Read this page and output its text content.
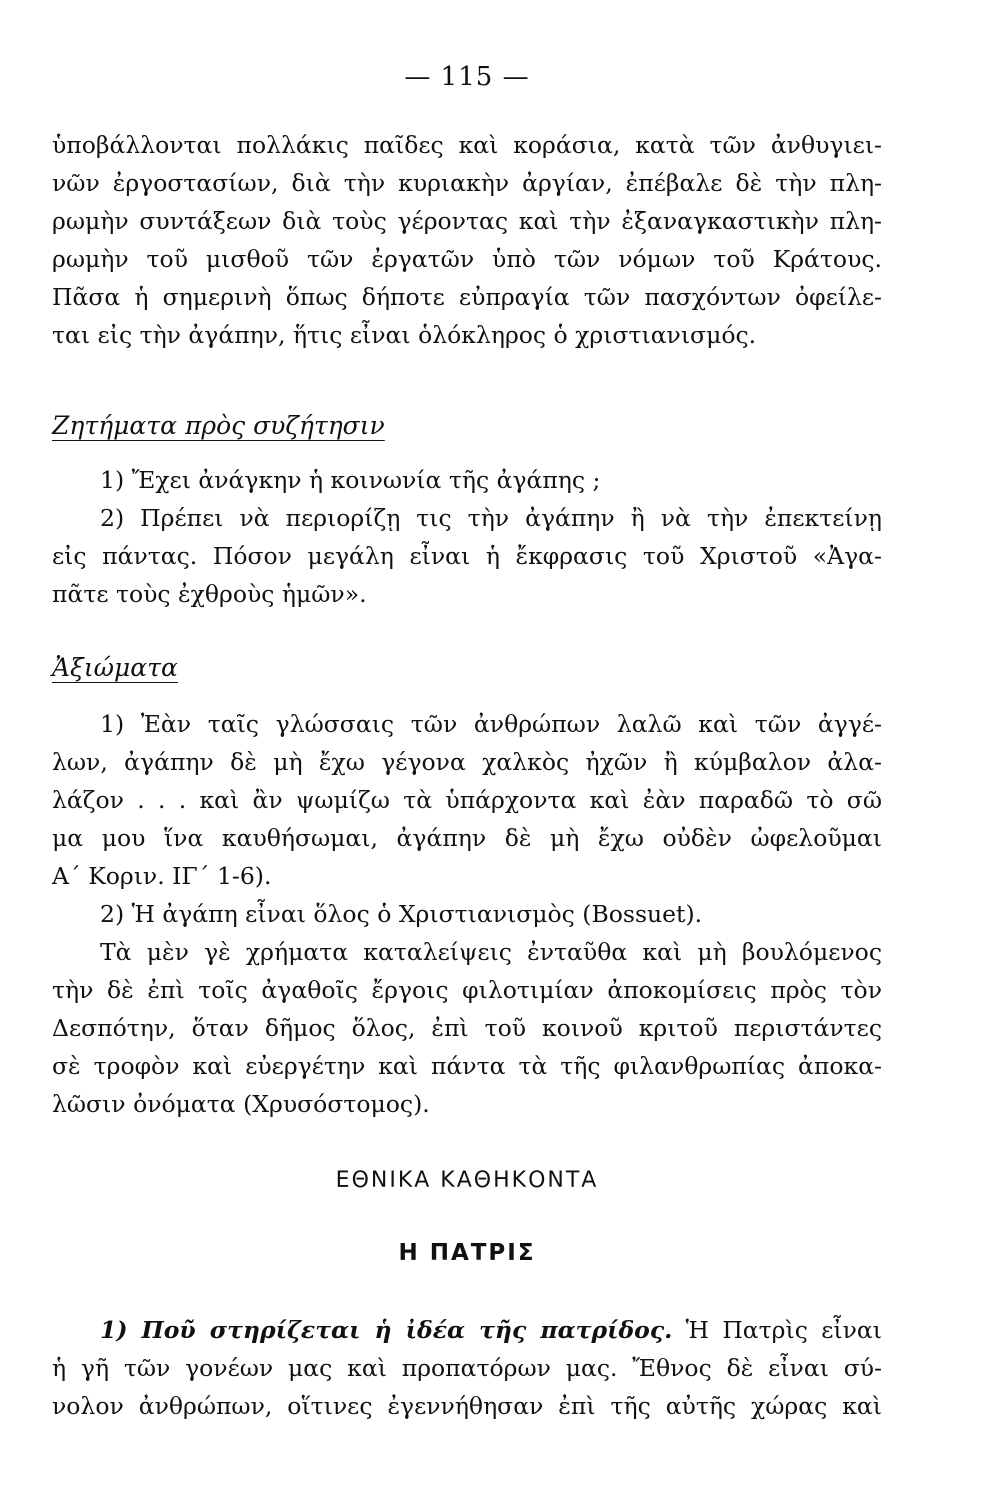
— 115 —
ὑποβάλλονται πολλάκις παῖδες καὶ κοράσια, κατὰ τῶν ἀνθυγιει-
νῶν ἐργοστασίων, διὰ τὴν κυριακὴν ἀργίαν, ἐπέβαλε δὲ τὴν πλη-
ρωμὴν συντάξεων διὰ τοὺς γέροντας καὶ τὴν ἐξαναγκαστικὴν πλη-
ρωμὴν τοῦ μισθοῦ τῶν ἐργατῶν ὑπὸ τῶν νόμων τοῦ Κράτους.
Πᾶσα ἡ σημερινὴ ὅπως δήποτε εὐπραγία τῶν πασχόντων ὀφείλε-
ται εἰς τὴν ἀγάπην, ἥτις εἶναι ὁλόκληρος ὁ χριστιανισμός.
Ζητήματα πρὸς συζήτησιν
1) Ἔχει ἀνάγκην ἡ κοινωνία τῆς ἀγάπης ;
2) Πρέπει νὰ περιορίζῃ τις τὴν ἀγάπην ἢ νὰ τὴν ἐπεκτείνῃ
εἰς πάντας. Πόσον μεγάλη εἶναι ἡ ἔκφρασις τοῦ Χριστοῦ «Ἀγα-
πᾶτε τοὺς ἐχθροὺς ἡμῶν».
Ἀξιώματα
1) Ἐὰν ταῖς γλώσσαις τῶν ἀνθρώπων λαλῶ καὶ τῶν ἀγγέ-
λων, ἀγάπην δὲ μὴ ἔχω γέγονα χαλκὸς ἠχῶν ἢ κύμβαλον ἀλα-
λάζον . . . καὶ ἂν ψωμίζω τὰ ὑπάρχοντα καὶ ἐὰν παραδῶ τὸ σῶ
μα μου ἵνα καυθήσωμαι, ἀγάπην δὲ μὴ ἔχω οὐδὲν ὠφελοῦμαι
Α΄ Κοριν. ΙΓ΄ 1-6).
2) Ἡ ἀγάπη εἶναι ὅλος ὁ Χριστιανισμὸς (Bossuet).
Τὰ μὲν γὲ χρήματα καταλείψεις ἐνταῦθα καὶ μὴ βουλόμενος
τὴν δὲ ἐπὶ τοῖς ἀγαθοῖς ἔργοις φιλοτιμίαν ἀποκομίσεις πρὸς τὸν
Δεσπότην, ὅταν δῆμος ὅλος, ἐπὶ τοῦ κοινοῦ κριτοῦ περιστάντες
σὲ τροφὸν καὶ εὐεργέτην καὶ πάντα τὰ τῆς φιλανθρωπίας ἀποκα-
λῶσιν ὀνόματα (Χρυσόστομος).
ΕΘΝΙΚΑ ΚΑΘΗΚΟΝΤΑ
Η ΠΑΤΡΙΣ
1) Ποῦ στηρίζεται ἡ ἰδέα τῆς πατρίδος. Ἡ Πατρὶς εἶναι
ἡ γῆ τῶν γονέων μας καὶ προπατόρων μας. Ἔθνος δὲ εἶναι σύ-
νολον ἀνθρώπων, οἵτινες ἐγεννήθησαν ἐπὶ τῆς αὐτῆς χώρας καὶ
